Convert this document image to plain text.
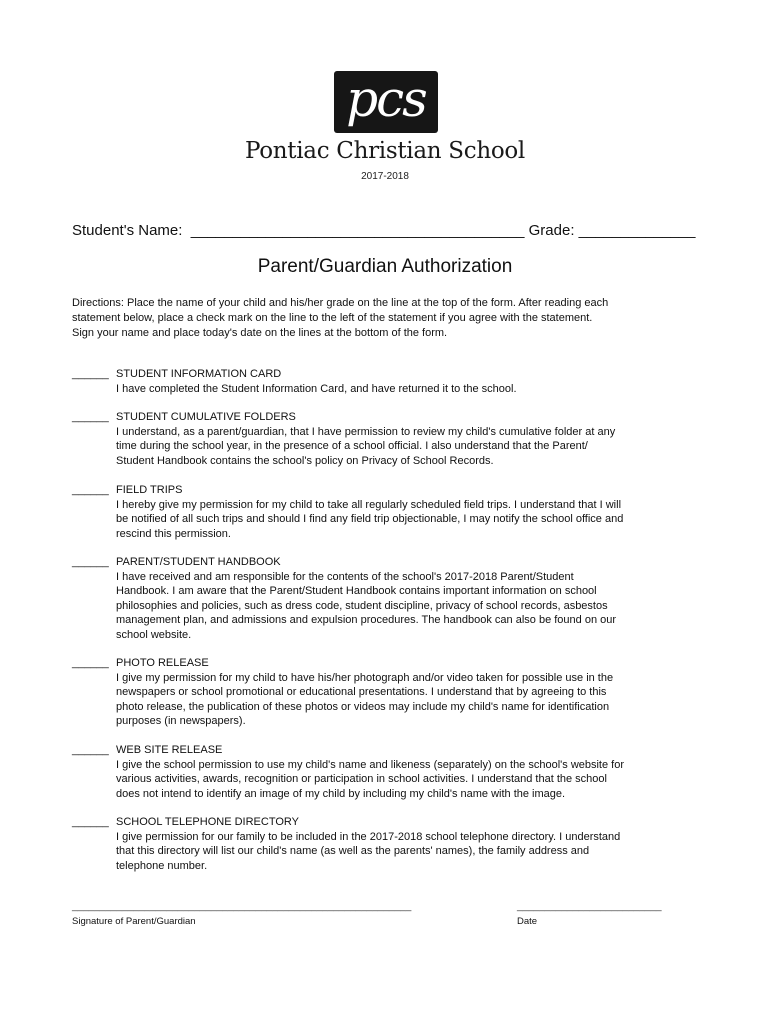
pcs
Pontiac Christian School
2017-2018
Student's Name: ________________________________________ Grade: ______________
Parent/Guardian Authorization
Directions: Place the name of your child and his/her grade on the line at the top of the form. After reading each
statement below, place a check mark on the line to the left of the statement if you agree with the statement.
Sign your name and place today's date on the lines at the bottom of the form.
______ STUDENT INFORMATION CARD
I have completed the Student Information Card, and have returned it to the school.
______ STUDENT CUMULATIVE FOLDERS
I understand, as a parent/guardian, that I have permission to review my child's cumulative folder at any
time during the school year, in the presence of a school official. I also understand that the Parent/
Student Handbook contains the school's policy on Privacy of School Records.
______ FIELD TRIPS
I hereby give my permission for my child to take all regularly scheduled field trips. I understand that I will
be notified of all such trips and should I find any field trip objectionable, I may notify the school office and
rescind this permission.
______ PARENT/STUDENT HANDBOOK
I have received and am responsible for the contents of the school's 2017-2018 Parent/Student
Handbook. I am aware that the Parent/Student Handbook contains important information on school
philosophies and policies, such as dress code, student discipline, privacy of school records, asbestos
management plan, and admissions and expulsion procedures. The handbook can also be found on our
school website.
______ PHOTO RELEASE
I give my permission for my child to have his/her photograph and/or video taken for possible use in the
newspapers or school promotional or educational presentations. I understand that by agreeing to this
photo release, the publication of these photos or videos may include my child's name for identification
purposes (in newspapers).
______ WEB SITE RELEASE
I give the school permission to use my child's name and likeness (separately) on the school's website for
various activities, awards, recognition or participation in school activities. I understand that the school
does not intend to identify an image of my child by including my child's name with the image.
______ SCHOOL TELEPHONE DIRECTORY
I give permission for our family to be included in the 2017-2018 school telephone directory. I understand
that this directory will list our child's name (as well as the parents' names), the family address and
telephone number.
_____________________________________________________________
Signature of Parent/Guardian
__________________________
Date
